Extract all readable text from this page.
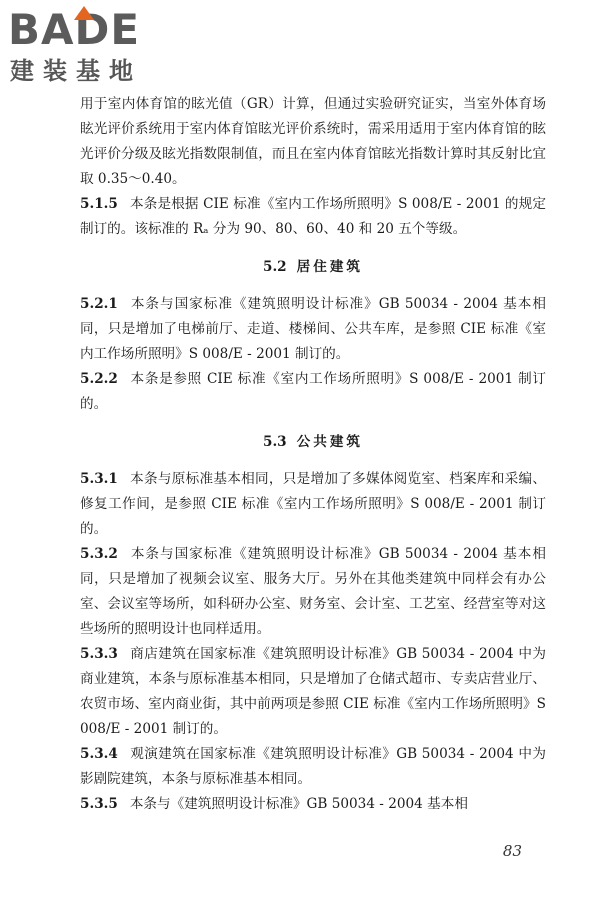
BADE
建装基地

用于室内体育馆的眩光值（GR）计算，但通过实验研究证实，当室外体育场眩光评价系统用于室内体育馆眩光评价系统时，需采用适用于室内体育馆的眩光评价分级及眩光指数限制值，而且在室内体育馆眩光指数计算时其反射比宜取 0.35～0.40。

5.1.5 本条是根据 CIE 标准《室内工作场所照明》S 008/E - 2001 的规定制订的。该标准的 Rₐ 分为 90、80、60、40 和 20 五个等级。

5.2 居住建筑

5.2.1 本条与国家标准《建筑照明设计标准》GB 50034 - 2004 基本相同，只是增加了电梯前厅、走道、楼梯间、公共车库，是参照 CIE 标准《室内工作场所照明》S 008/E - 2001 制订的。

5.2.2 本条是参照 CIE 标准《室内工作场所照明》S 008/E - 2001 制订的。

5.3 公共建筑

5.3.1 本条与原标准基本相同，只是增加了多媒体阅览室、档案库和采编、修复工作间，是参照 CIE 标准《室内工作场所照明》S 008/E - 2001 制订的。

5.3.2 本条与国家标准《建筑照明设计标准》GB 50034 - 2004 基本相同，只是增加了视频会议室、服务大厅。另外在其他类建筑中同样会有办公室、会议室等场所，如科研办公室、财务室、会计室、工艺室、经营室等对这些场所的照明设计也同样适用。

5.3.3 商店建筑在国家标准《建筑照明设计标准》GB 50034 - 2004 中为商业建筑，本条与原标准基本相同，只是增加了仓储式超市、专卖店营业厅、农贸市场、室内商业街，其中前两项是参照 CIE 标准《室内工作场所照明》S 008/E - 2001 制订的。

5.3.4 观演建筑在国家标准《建筑照明设计标准》GB 50034 - 2004 中为影剧院建筑，本条与原标准基本相同。

5.3.5 本条与《建筑照明设计标准》GB 50034 - 2004 基本相

83
